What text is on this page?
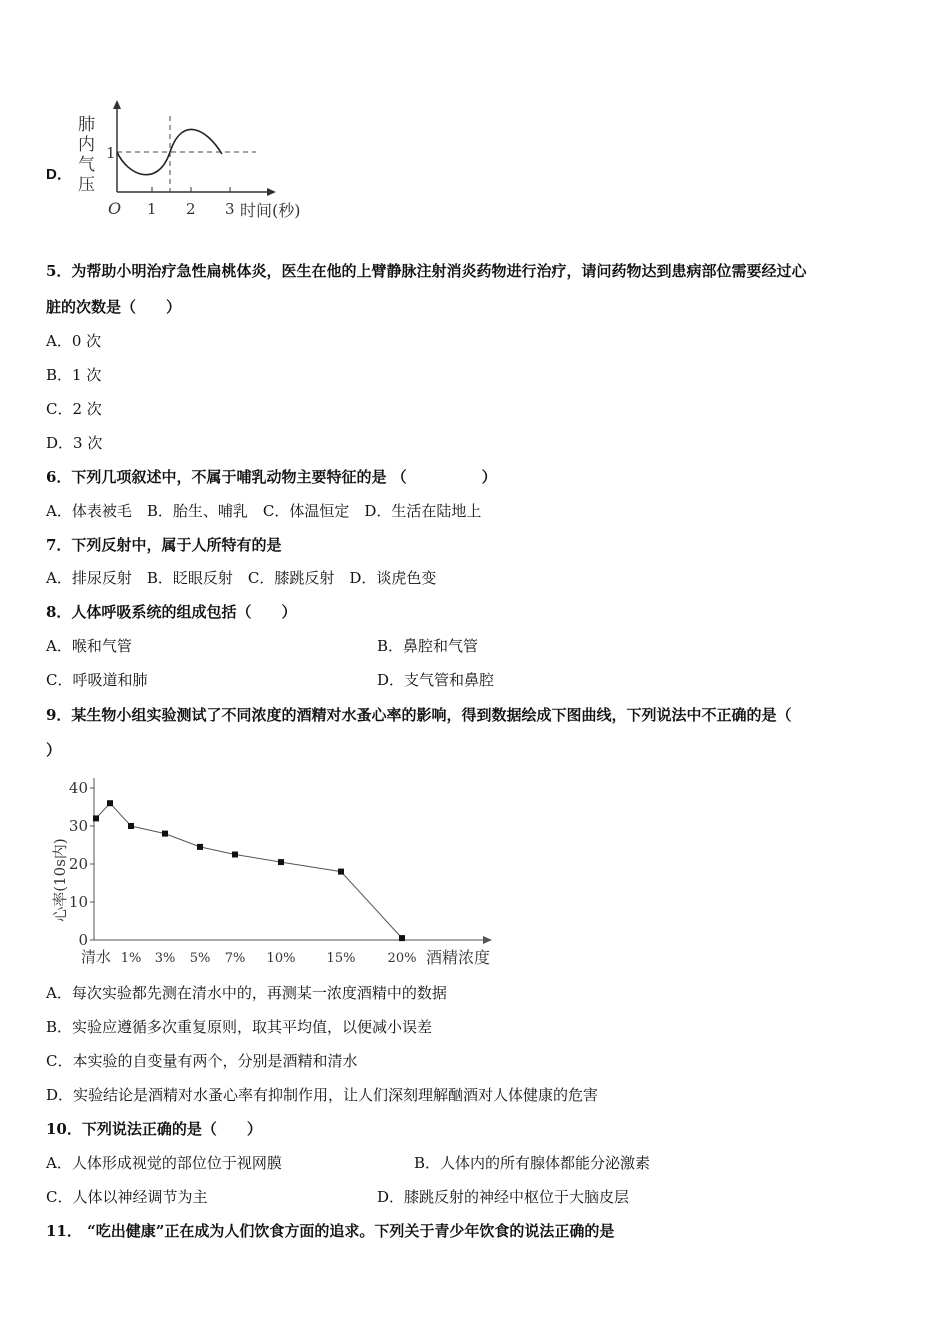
D．
肺
内
气
压
1
O 1 2 3 时间(秒)
5．为帮助小明治疗急性扁桃体炎，医生在他的上臂静脉注射消炎药物进行治疗，请问药物达到患病部位需要经过心
脏的次数是（　　）
A．0 次
B．1 次
C．2 次
D．3 次
6．下列几项叙述中，不属于哺乳动物主要特征的是 （　　　　　）
A．体表被毛　B．胎生、哺乳　C．体温恒定　D．生活在陆地上
7．下列反射中，属于人所特有的是
A．排尿反射　B．眨眼反射　C．膝跳反射　D．谈虎色变
8．人体呼吸系统的组成包括（　　）
A．喉和气管	B．鼻腔和气管
C．呼吸道和肺	D．支气管和鼻腔
9．某生物小组实验测试了不同浓度的酒精对水蚤心率的影响，得到数据绘成下图曲线，下列说法中不正确的是（
）
心率(10s内)
0
10
20
30
40
清水 1% 3% 5% 7% 10% 15% 20% 酒精浓度
A．每次实验都先测在清水中的，再测某一浓度酒精中的数据
B．实验应遵循多次重复原则，取其平均值，以便减小误差
C．本实验的自变量有两个，分别是酒精和清水
D．实验结论是酒精对水蚤心率有抑制作用，让人们深刻理解酗酒对人体健康的危害
10．下列说法正确的是（　　）
A．人体形成视觉的部位位于视网膜	B．人体内的所有腺体都能分泌激素
C．人体以神经调节为主	D．膝跳反射的神经中枢位于大脑皮层
11． “吃出健康”正在成为人们饮食方面的追求。下列关于青少年饮食的说法正确的是
